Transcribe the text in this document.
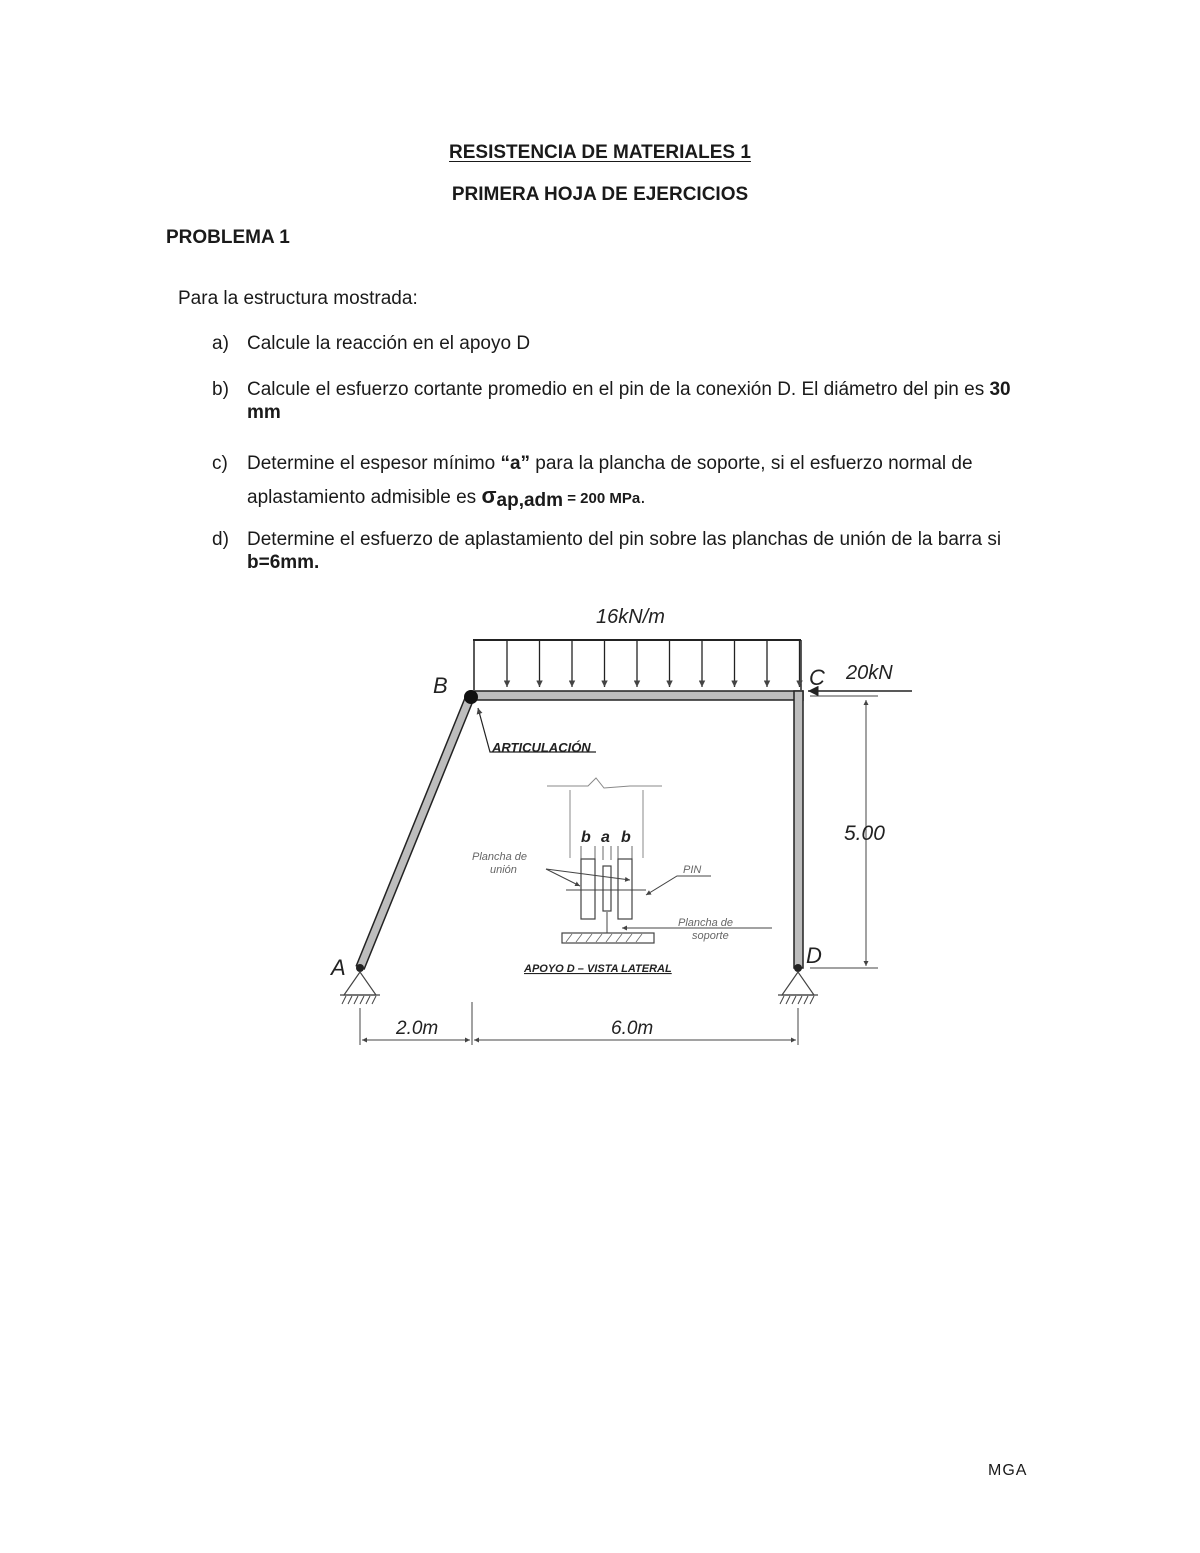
RESISTENCIA DE MATERIALES 1
PRIMERA HOJA DE EJERCICIOS
PROBLEMA 1
Para la estructura mostrada:
a) Calcule la reacción en el apoyo D
b) Calcule el esfuerzo cortante promedio en el pin de la conexión D. El diámetro del pin es 30 mm
c)	Determine el espesor mínimo “a” para la plancha de soporte, si el esfuerzo normal de aplastamiento admisible es σap,adm = 200 MPa.
d) Determine el esfuerzo de aplastamiento del pin sobre las planchas de unión de la barra si b=6mm.
16kN/m
B
ARTICULACIÓN
C 20kN
5.00
A	D
2.0m	6.0m
b a b
Plancha de
unión	PIN
Plancha de
soporte
APOYO D – VISTA LATERAL
MGA
